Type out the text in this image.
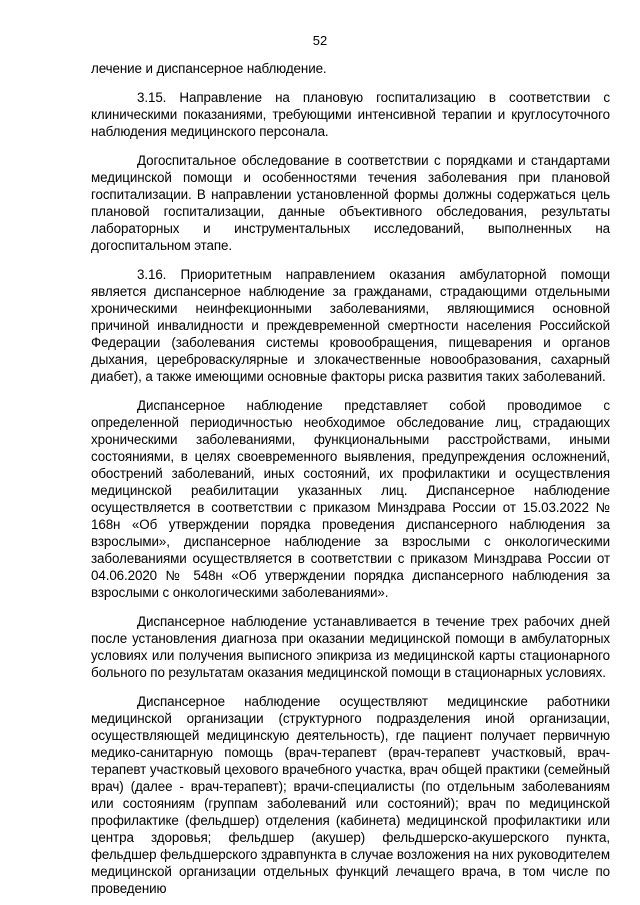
52

лечение и диспансерное наблюдение.

3.15. Направление на плановую госпитализацию в соответствии с клиническими показаниями, требующими интенсивной терапии и круглосуточного наблюдения медицинского персонала.

Догоспитальное обследование в соответствии с порядками и стандартами медицинской помощи и особенностями течения заболевания при плановой госпитализации. В направлении установленной формы должны содержаться цель плановой госпитализации, данные объективного обследования, результаты лабораторных и инструментальных исследований, выполненных на догоспитальном этапе.

3.16. Приоритетным направлением оказания амбулаторной помощи является диспансерное наблюдение за гражданами, страдающими отдельными хроническими неинфекционными заболеваниями, являющимися основной причиной инвалидности и преждевременной смертности населения Российской Федерации (заболевания системы кровообращения, пищеварения и органов дыхания, цереброваскулярные и злокачественные новообразования, сахарный диабет), а также имеющими основные факторы риска развития таких заболеваний.

Диспансерное наблюдение представляет собой проводимое с определенной периодичностью необходимое обследование лиц, страдающих хроническими заболеваниями, функциональными расстройствами, иными состояниями, в целях своевременного выявления, предупреждения осложнений, обострений заболеваний, иных состояний, их профилактики и осуществления медицинской реабилитации указанных лиц. Диспансерное наблюдение осуществляется в соответствии с приказом Минздрава России от 15.03.2022 № 168н «Об утверждении порядка проведения диспансерного наблюдения за взрослыми», диспансерное наблюдение за взрослыми с онкологическими заболеваниями осуществляется в соответствии с приказом Минздрава России от 04.06.2020 № 548н «Об утверждении порядка диспансерного наблюдения за взрослыми с онкологическими заболеваниями».

Диспансерное наблюдение устанавливается в течение трех рабочих дней после установления диагноза при оказании медицинской помощи в амбулаторных условиях или получения выписного эпикриза из медицинской карты стационарного больного по результатам оказания медицинской помощи в стационарных условиях.

Диспансерное наблюдение осуществляют медицинские работники медицинской организации (структурного подразделения иной организации, осуществляющей медицинскую деятельность), где пациент получает первичную медико-санитарную помощь (врач-терапевт (врач-терапевт участковый, врач-терапевт участковый цехового врачебного участка, врач общей практики (семейный врач) (далее - врач-терапевт); врачи-специалисты (по отдельным заболеваниям или состояниям (группам заболеваний или состояний); врач по медицинской профилактике (фельдшер) отделения (кабинета) медицинской профилактики или центра здоровья; фельдшер (акушер) фельдшерско-акушерского пункта, фельдшер фельдшерского здравпункта в случае возложения на них руководителем медицинской организации отдельных функций лечащего врача, в том числе по проведению
